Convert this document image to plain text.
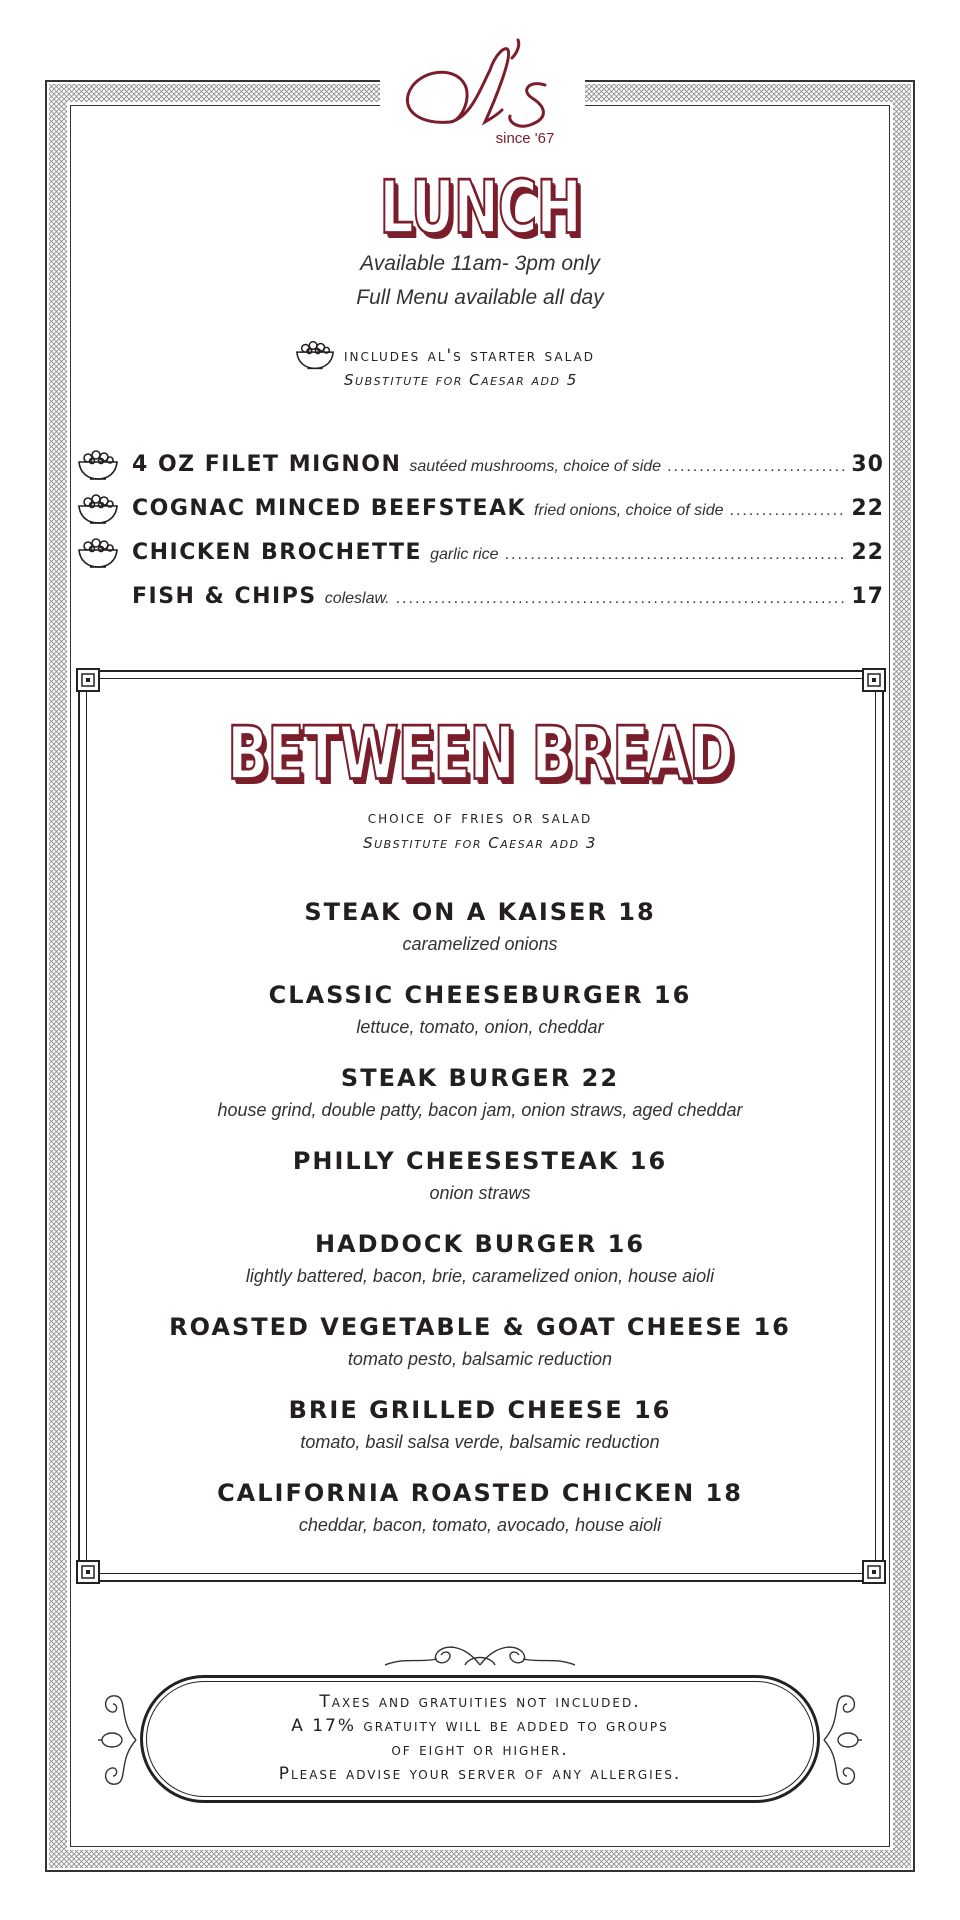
since '67
LUNCH
Available 11am- 3pm only
Full Menu available all day
includes al's starter salad
Substitute for Caesar add 5
4 OZ FILET MIGNON sautéed mushrooms, choice of side .....	30
COGNAC MINCED BEEFSTEAK fried onions, choice of side .....	22
CHICKEN BROCHETTE garlic rice .....	22
FISH & CHIPS coleslaw. .....	17
BETWEEN BREAD
choice of fries or salad
Substitute for Caesar add 3
STEAK ON A KAISER 18
caramelized onions
CLASSIC CHEESEBURGER 16
lettuce, tomato, onion, cheddar
STEAK BURGER 22
house grind, double patty, bacon jam, onion straws, aged cheddar
PHILLY CHEESESTEAK 16
onion straws
HADDOCK BURGER 16
lightly battered, bacon, brie, caramelized onion, house aioli
ROASTED VEGETABLE & GOAT CHEESE 16
tomato pesto, balsamic reduction
BRIE GRILLED CHEESE 16
tomato, basil salsa verde, balsamic reduction
CALIFORNIA ROASTED CHICKEN 18
cheddar, bacon, tomato, avocado, house aioli
Taxes and gratuities not included.
A 17% gratuity will be added to groups
of eight or higher.
Please advise your server of any allergies.
